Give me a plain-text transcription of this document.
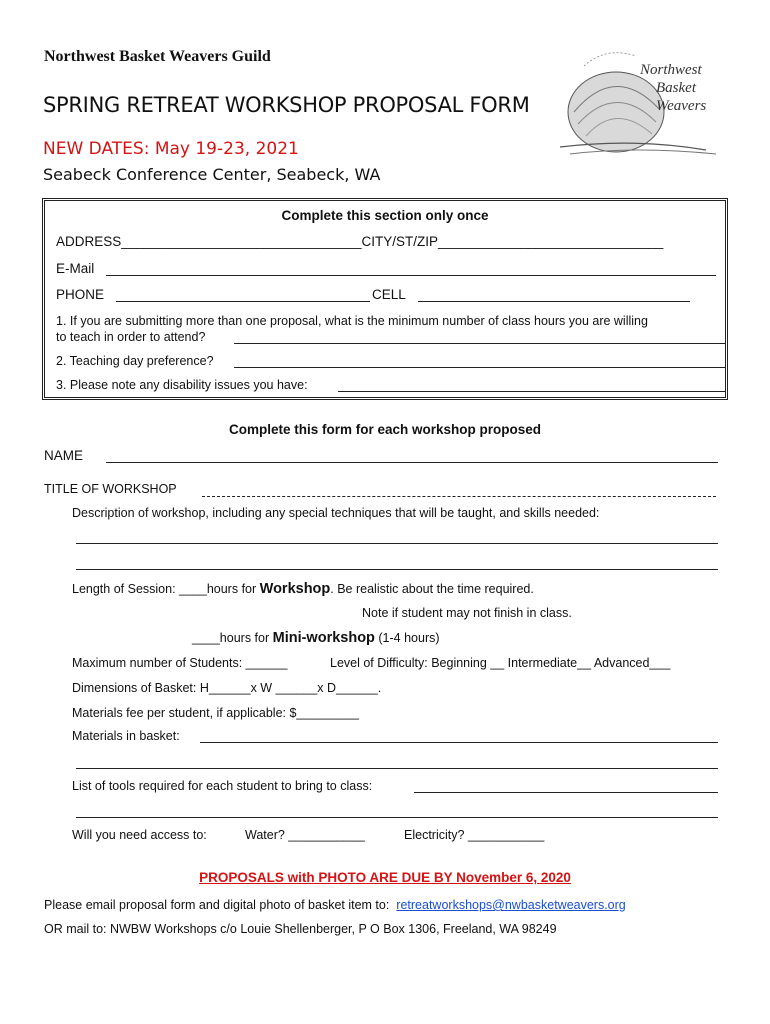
Northwest Basket Weavers Guild
SPRING RETREAT WORKSHOP PROPOSAL FORM
NEW DATES: May 19-23, 2021
Seabeck Conference Center, Seabeck, WA
Northwest
Basket
Weavers
Complete this section only once
ADDRESS________________________________CITY/ST/ZIP______________________________
E-Mail
PHONE	CELL
1. If you are submitting more than one proposal, what is the minimum number of class hours you are willing
to teach in order to attend?
2. Teaching day preference?
3. Please note any disability issues you have:
Complete this form for each workshop proposed
NAME
TITLE OF WORKSHOP
Description of workshop, including any special techniques that will be taught, and skills needed:
Length of Session: ____hours for Workshop. Be realistic about the time required.
Note if student may not finish in class.
____hours for Mini-workshop (1-4 hours)
Maximum number of Students: ______	Level of Difficulty: Beginning __ Intermediate__ Advanced___
Dimensions of Basket: H______x W ______x D______.
Materials fee per student, if applicable: $_________
Materials in basket:
List of tools required for each student to bring to class:
Will you need access to:	Water? ___________	Electricity? ___________
PROPOSALS with PHOTO ARE DUE BY November 6, 2020
Please email proposal form and digital photo of basket item to: retreatworkshops@nwbasketweavers.org
OR mail to: NWBW Workshops c/o Louie Shellenberger, P O Box 1306, Freeland, WA 98249
